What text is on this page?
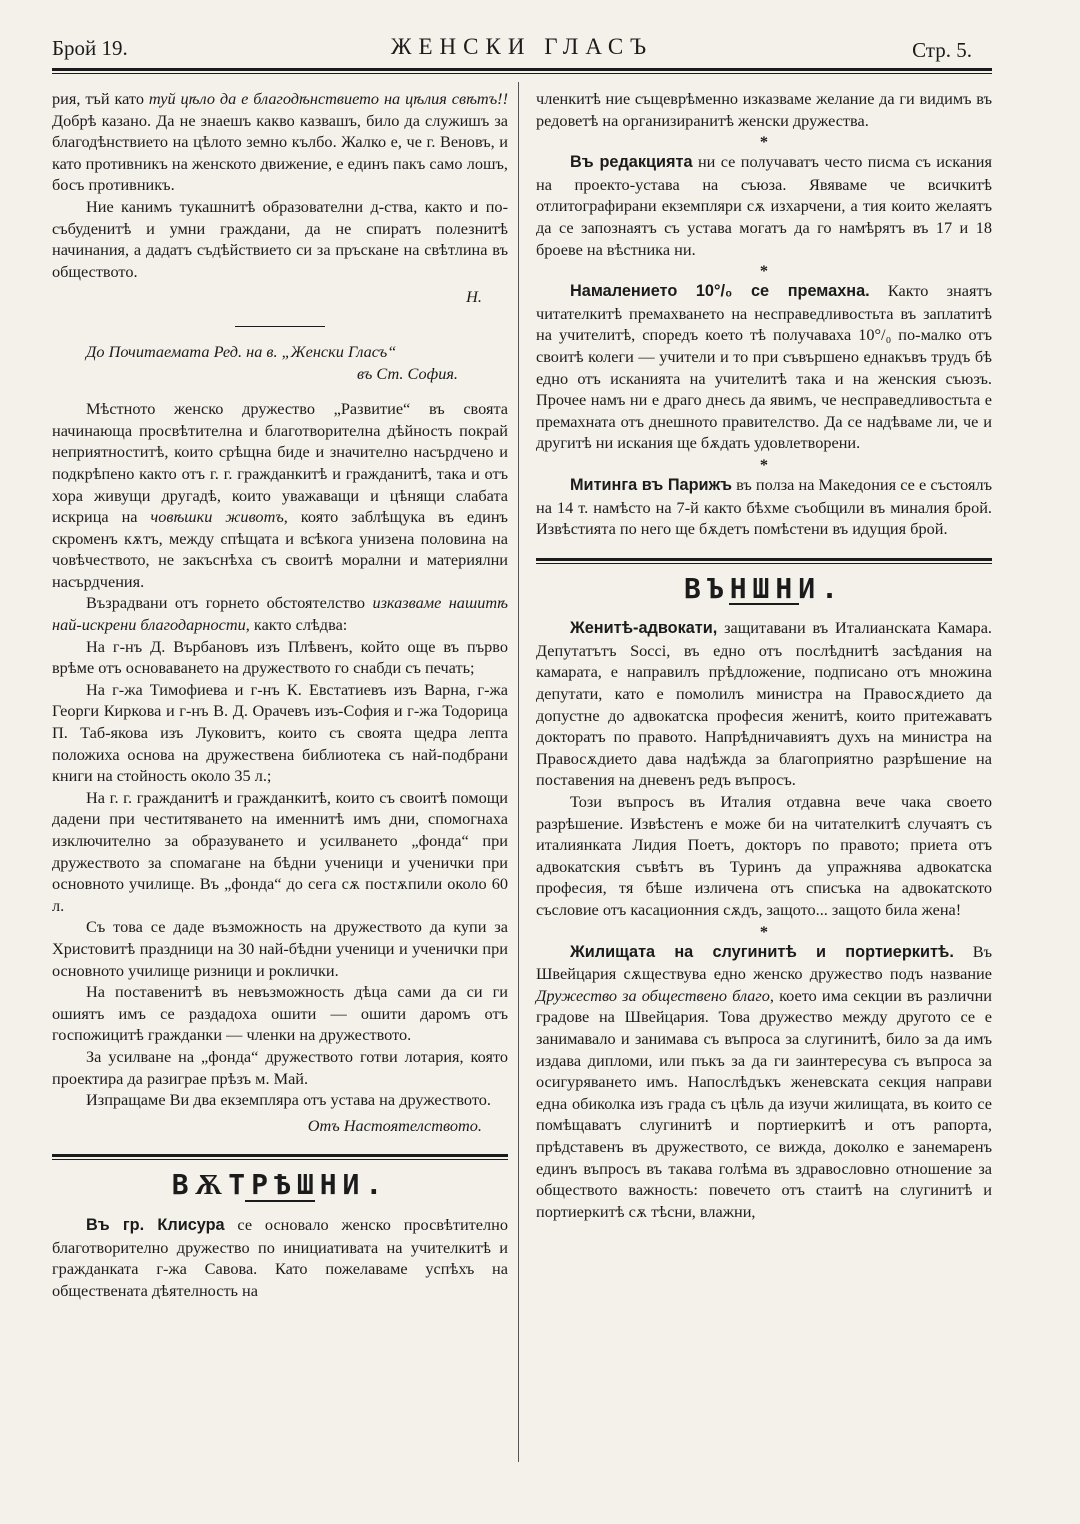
Брой 19.	ЖЕНСКИ ГЛАСЪ	Стр. 5.

рия, тъй като туй цѣло да е благодѣнствието на цѣлия свѣтъ!! Добрѣ казано. Да не знаешъ какво казвашъ, било да служишъ за благодѣнствието на цѣлото земно кълбо. Жалко е, че г. Веновъ, и като противникъ на женското движение, е единъ пакъ само лошъ, босъ противникъ.

Ние канимъ тукашнитѣ образователни д-ства, както и по-събуденитѣ и умни граждани, да не спиратъ полезнитѣ начинания, а дадатъ съдѣйствието си за пръскане на свѣтлина въ обществото.

Н.

До Почитаемата Ред. на в. „Женски Гласъ“

въ Ст. София.

Мѣстното женско дружество „Развитие“ въ своята начинающа просвѣтителна и благотворителна дѣйность покрай неприятноститѣ, които срѣщна биде и значително насърдчено и подкрѣпено както отъ г. г. гражданкитѣ и гражданитѣ, така и отъ хора живущи другадѣ, които уважаващи и цѣнящи слабата искрица на човѣшки животъ, която заблѣщука въ единъ скроменъ кѫтъ, между спѣщата и всѣкога унизена половина на човѣчеството, не закъснѣха съ своитѣ морални и материялни насърдчения.

Възрадвани отъ горнето обстоятелство изказваме нашитѣ най-искрени благодарности, както слѣдва:

На г-нъ Д. Върбановъ изъ Плѣвенъ, който още въ първо врѣме отъ основаването на дружеството го снабди съ печать;

На г-жа Тимофиева и г-нъ К. Евстатиевъ изъ Варна, г-жа Георги Киркова и г-нъ В. Д. Орачевъ изъ-София и г-жа Тодорица П. Таб-якова изъ Луковитъ, които съ своята щедра лепта положиха основа на дружествена библиотека съ най-подбрани книги на стойность около 35 л.;

На г. г. гражданитѣ и гражданкитѣ, които съ своитѣ помощи дадени при честитяването на именнитѣ имъ дни, спомогнаха изключително за образуването и усилването „фонда“ при дружеството за спомагане на бѣдни ученици и ученички при основното училище. Въ „фонда“ до сега сѫ постѫпили около 60 л.

Съ това се даде възможность на дружеството да купи за Христовитѣ праздници на 30 най-бѣдни ученици и ученички при основното училище ризници и роклички.

На поставенитѣ въ невъзможность дѣца сами да си ги ошиятъ имъ се раздадоха ошити — ошити даромъ отъ госпожицитѣ гражданки — членки на дружеството.

За усилване на „фонда“ дружеството готви лотария, която проектира да разиграе прѣзъ м. Май.

Изпращаме Ви два екземпляра отъ устава на дружеството.

Отъ Настоятелството.
ВѪТРѢШНИ.

Въ гр. Клисура се основало женско просвѣтително благотворително дружество по инициативата на учителкитѣ и гражданката г-жа Савова. Като пожелаваме успѣхъ на обществената дѣятелность на

членкитѣ ние същеврѣменно изказваме желание да ги видимъ въ редоветѣ на организиранитѣ женски дружества.

*

Въ редакцията ни се получаватъ често писма съ искания на проекто-устава на съюза. Явяваме че всичкитѣ отлитографирани екземпляри сѫ изхарчени, а тия които желаятъ да се запознаятъ съ устава могатъ да го намѣрятъ въ 17 и 18 броеве на вѣстника ни.

*

Намалението 10°/₀ се премахна. Както знаятъ читателкитѣ премахването на несправедливостьта въ заплатитѣ на учителитѣ, споредъ което тѣ получаваха 10°/₀ по-малко отъ своитѣ колеги — учители и то при съвършено еднакъвъ трудъ бѣ едно отъ исканията на учителитѣ така и на женския съюзъ. Прочее намъ ни е драго днесь да явимъ, че несправедливостьта е премахната отъ днешното правителство. Да се надѣваме ли, че и другитѣ ни искания ще бѫдать удовлетворени.

*

Митинга въ Парижъ въ полза на Македония се е състоялъ на 14 т. намѣсто на 7-й както бѣхме съобщили въ миналия брой. Извѣстията по него ще бѫдетъ помѣстени въ идущия брой.

ВЪНШНИ.

Женитѣ-адвокати, защитавани въ Италианската Камара. Депутатътъ Socci, въ едно отъ послѣднитѣ засѣдания на камарата, е направилъ прѣдложение, подписано отъ множина депутати, като е помолилъ министра на Правосѫдието да допустне до адвокатска професия женитѣ, които притежаватъ докторатъ по правото. Напрѣдничавиятъ духъ на министра на Правосѫдието дава надѣжда за благоприятно разрѣшение на поставения на дневенъ редъ въпросъ.

Този въпросъ въ Италия отдавна вече чака своето разрѣшение. Извѣстенъ е може би на читателкитѣ случаятъ съ италиянката Лидия Поетъ, докторъ по правото; приета отъ адвокатския съвѣтъ въ Туринъ да упражнява адвокатска професия, тя бѣше изличена отъ списъка на адвокатското съсловие отъ касационния сѫдъ, защото... защото била жена!

*

Жилищата на слугинитѣ и портиеркитѣ. Въ Швейцария сѫществува едно женско дружество подъ название Дружество за обществено благо, което има секции въ различни градове на Швейцария. Това дружество между другото се е занимавало и занимава съ въпроса за слугинитѣ, било за да имъ издава дипломи, или пъкъ за да ги заинтересува съ въпроса за осигуряването имъ. Напослѣдъкъ женевската секция направи една обиколка изъ града съ цѣль да изучи жилищата, въ които се помѣщаватъ слугинитѣ и портиеркитѣ и отъ рапорта, прѣдставенъ въ дружеството, се вижда, доколко е занемаренъ единъ въпросъ въ такава голѣма въ здравословно отношение за обществото важность: повечето отъ стаитѣ на слугинитѣ и портиеркитѣ сѫ тѣсни, влажни,
